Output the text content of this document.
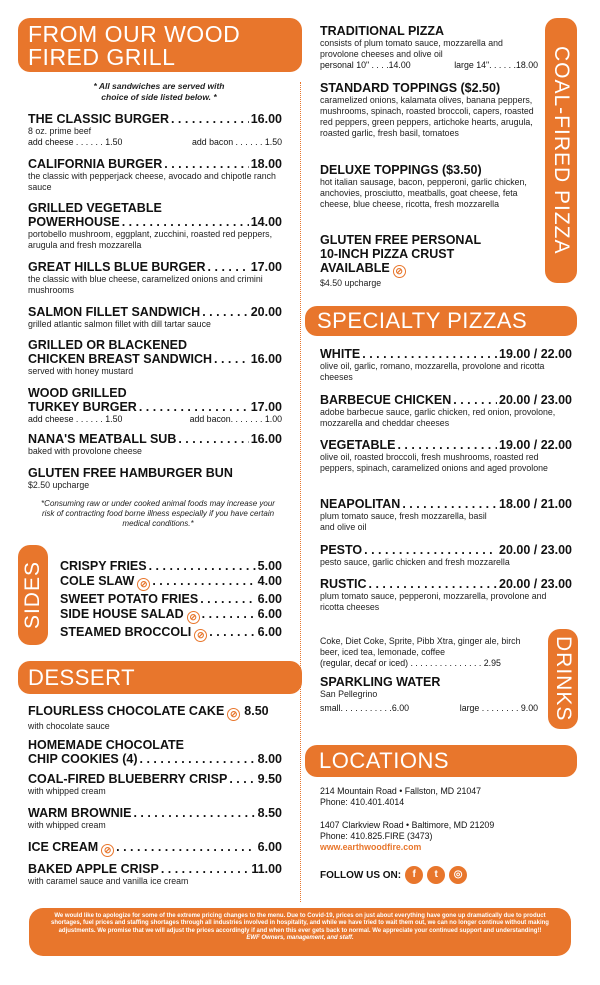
FROM OUR WOOD
FIRED GRILL
* All sandwiches are served with
choice of side listed below. *
THE CLASSIC BURGER . . .	16.00
8 oz. prime beef
add cheese . . . . . . 1.50	add bacon . . . . . . 1.50
CALIFORNIA BURGER . . .	18.00
the classic with pepperjack cheese, avocado and chipotle ranch sauce
GRILLED VEGETABLE
POWERHOUSE . . .	14.00
portobello mushroom, eggplant, zucchini, roasted red peppers, arugula and fresh mozzarella
GREAT HILLS BLUE BURGER . . .	17.00
the classic with blue cheese, caramelized onions and crimini mushrooms
SALMON FILLET SANDWICH . . .	20.00
grilled atlantic salmon fillet with dill tartar sauce
GRILLED OR BLACKENED
CHICKEN BREAST SANDWICH . . .	16.00
served with honey mustard
WOOD GRILLED
TURKEY BURGER . . .	17.00
add cheese . . . . . . 1.50	add bacon. . . . . . . 1.00
NANA'S MEATBALL SUB . . .	16.00
baked with provolone cheese
GLUTEN FREE HAMBURGER BUN
$2.50 upcharge
*Consuming raw or under cooked animal foods may increase your risk of contracting food borne illness especially if you have certain medical conditions.*
SIDES CRISPY FRIES . . .	5.00
COLE SLAW ⊘ . . .	4.00
SWEET POTATO FRIES . . .	6.00
SIDE HOUSE SALAD ⊘ . . .	6.00
STEAMED BROCCOLI ⊘ . . .	6.00
DESSERT
FLOURLESS CHOCOLATE CAKE ⊘ 8.50
with chocolate sauce
HOMEMADE CHOCOLATE
CHIP COOKIES (4) . . .	8.00
COAL-FIRED BLUEBERRY CRISP . . . 9.50
with whipped cream
WARM BROWNIE . . .	8.50
with whipped cream
ICE CREAM ⊘ . . .	6.00
BAKED APPLE CRISP . . .	11.00
with caramel sauce and vanilla ice cream
COAL-FIRED PIZZA
TRADITIONAL PIZZA
consists of plum tomato sauce, mozzarella and provolone cheeses and olive oil
personal 10" . . . .14.00	large 14". . . . . .18.00
STANDARD TOPPINGS ($2.50)
caramelized onions, kalamata olives, banana peppers, mushrooms, spinach, roasted broccoli, capers, roasted red peppers, green peppers, artichoke hearts, arugula, roasted garlic, fresh basil, tomatoes
DELUXE TOPPINGS ($3.50)
hot italian sausage, bacon, pepperoni, garlic chicken, anchovies, prosciutto, meatballs, goat cheese, feta cheese, blue cheese, ricotta, fresh mozzarella
GLUTEN FREE PERSONAL
10-INCH PIZZA CRUST
AVAILABLE ⊘
$4.50 upcharge
SPECIALTY PIZZAS
WHITE . . .	19.00 / 22.00
olive oil, garlic, romano, mozzarella, provolone and ricotta cheeses
BARBECUE CHICKEN . . .	20.00 / 23.00
adobe barbecue sauce, garlic chicken, red onion, provolone, mozzarella and cheddar cheeses
VEGETABLE . . .	19.00 / 22.00
olive oil, roasted broccoli, fresh mushrooms, roasted red peppers, spinach, caramelized onions and aged provolone
NEAPOLITAN . . .	18.00 / 21.00
plum tomato sauce, fresh mozzarella, basil and olive oil
PESTO . . .	20.00 / 23.00
pesto sauce, garlic chicken and fresh mozzarella
RUSTIC . . .	20.00 / 23.00
plum tomato sauce, pepperoni, mozzarella, provolone and ricotta cheeses
DRINKS
Coke, Diet Coke, Sprite, Pibb Xtra, ginger ale, birch beer, iced tea, lemonade, coffee
(regular, decaf or iced) . . . . . . . . . . . . . . . 2.95
SPARKLING WATER
San Pellegrino
small. . . . . . . . . . .6.00	large . . . . . . . . 9.00
LOCATIONS
214 Mountain Road • Fallston, MD 21047
Phone: 410.401.4014
1407 Clarkview Road • Baltimore, MD 21209
Phone: 410.825.FIRE (3473)
www.earthwoodfire.com
FOLLOW US ON:	f	t	◎
We would like to apologize for some of the extreme pricing changes to the menu. Due to Covid-19, prices on just about everything have gone up dramatically due to product shortages, fuel prices and staffing shortages through all industries involved in hospitality, and while we have tried to wait them out, we can no longer continue without making adjustments. We promise that we will adjust the prices accordingly if and when this ever gets back to normal. We appreciate your continued support and understanding!!
EWF Owners, management, and staff.
